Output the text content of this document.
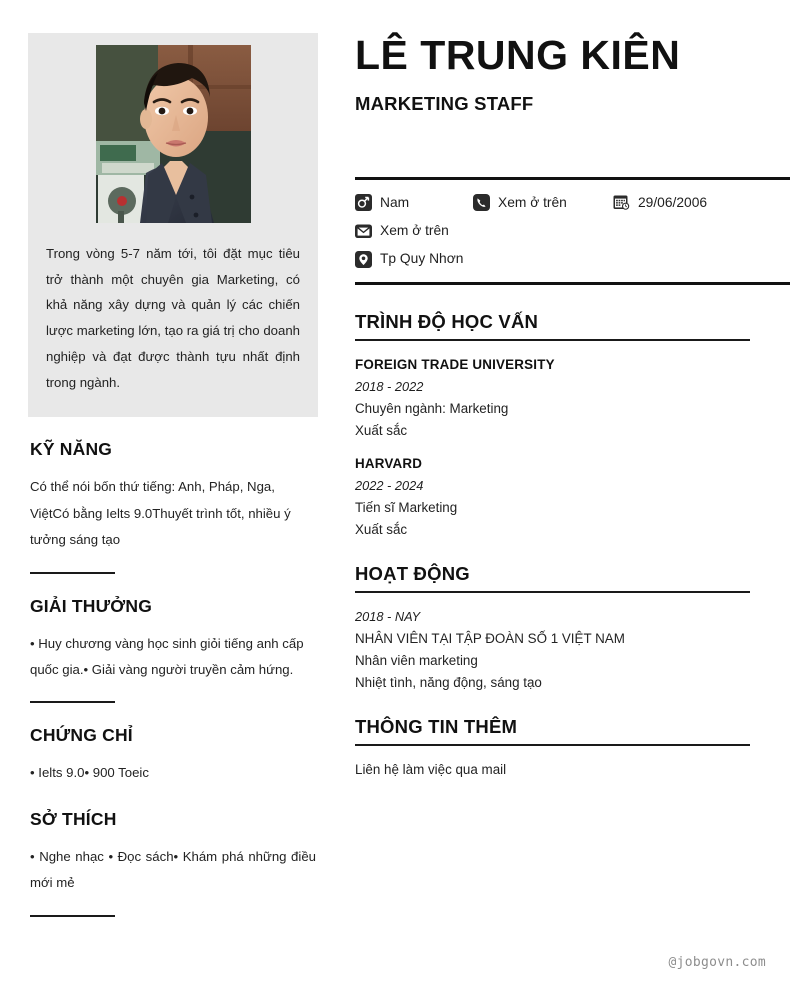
Trong vòng 5-7 năm tới, tôi đặt mục tiêu trở thành một chuyên gia Marketing, có khả năng xây dựng và quản lý các chiến lược marketing lớn, tạo ra giá trị cho doanh nghiệp và đạt được thành tựu nhất định trong ngành.
KỸ NĂNG
Có thể nói bốn thứ tiếng: Anh, Pháp, Nga, ViệtCó bằng Ielts 9.0Thuyết trình tốt, nhiều ý tưởng sáng tạo
GIẢI THƯỞNG
• Huy chương vàng học sinh giỏi tiếng anh cấp quốc gia.• Giải vàng người truyền cảm hứng.
CHỨNG CHỈ
• Ielts 9.0• 900 Toeic
SỞ THÍCH
• Nghe nhạc • Đọc sách• Khám phá những điều mới mẻ
LÊ TRUNG KIÊN
MARKETING STAFF
Nam	Xem ở trên	29/06/2006
Xem ở trên
Tp Quy Nhơn
TRÌNH ĐỘ HỌC VẤN
FOREIGN TRADE UNIVERSITY
2018 - 2022
Chuyên ngành: Marketing
Xuất sắc
HARVARD
2022 - 2024
Tiến sĩ Marketing
Xuất sắc
HOẠT ĐỘNG
2018 - NAY
NHÂN VIÊN TẠI TẬP ĐOÀN SỐ 1 VIỆT NAM
Nhân viên marketing
Nhiệt tình, năng động, sáng tạo
THÔNG TIN THÊM
Liên hệ làm việc qua mail
@jobgovn.com
